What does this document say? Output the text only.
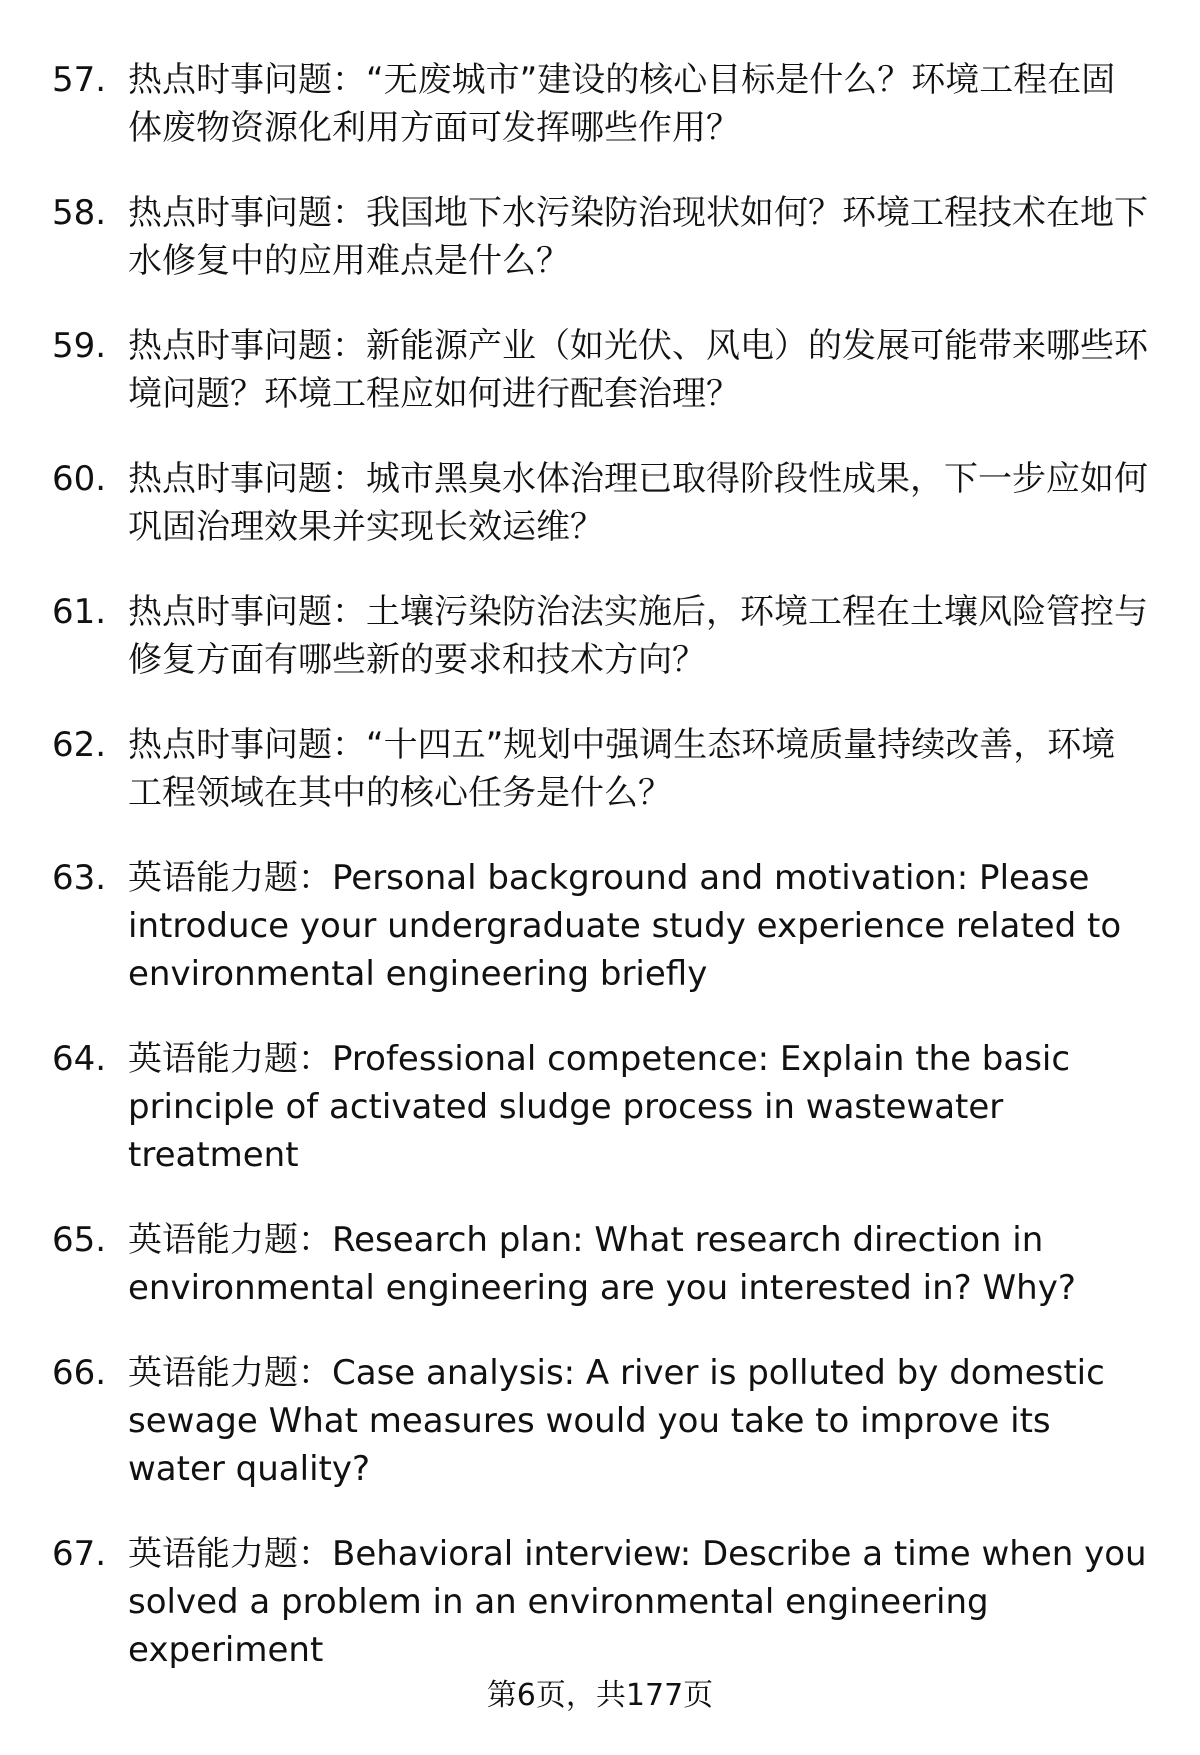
57. 热点时事问题：“无废城市”建设的核心目标是什么？环境工程在固体废物资源化利用方面可发挥哪些作用？
58. 热点时事问题：我国地下水污染防治现状如何？环境工程技术在地下水修复中的应用难点是什么？
59. 热点时事问题：新能源产业（如光伏、风电）的发展可能带来哪些环境问题？环境工程应如何进行配套治理？
60. 热点时事问题：城市黑臭水体治理已取得阶段性成果，下一步应如何巩固治理效果并实现长效运维？
61. 热点时事问题：土壤污染防治法实施后，环境工程在土壤风险管控与修复方面有哪些新的要求和技术方向？
62. 热点时事问题：“十四五”规划中强调生态环境质量持续改善，环境工程领域在其中的核心任务是什么？
63. 英语能力题：Personal background and motivation: Please introduce your undergraduate study experience related to environmental engineering briefly
64. 英语能力题：Professional competence: Explain the basic principle of activated sludge process in wastewater treatment
65. 英语能力题：Research plan: What research direction in environmental engineering are you interested in? Why?
66. 英语能力题：Case analysis: A river is polluted by domestic sewage What measures would you take to improve its water quality?
67. 英语能力题：Behavioral interview: Describe a time when you solved a problem in an environmental engineering experiment
第6页，共177页
